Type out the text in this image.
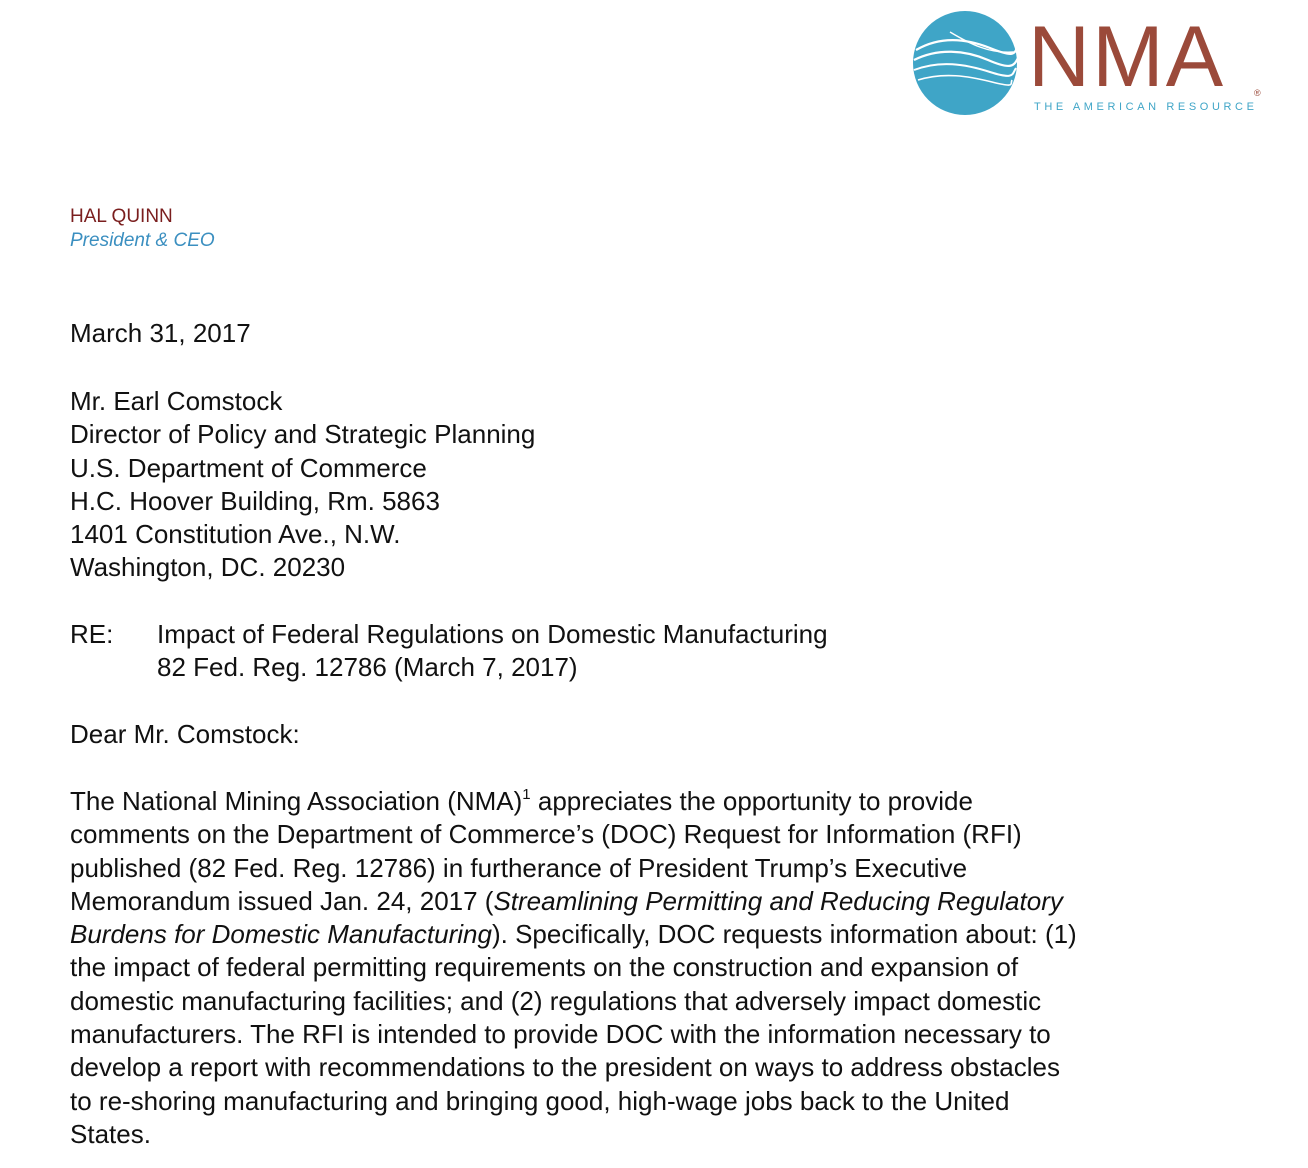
NMA	®
THE AMERICAN RESOURCE
HAL QUINN
President & CEO
March 31, 2017
Mr. Earl Comstock
Director of Policy and Strategic Planning
U.S. Department of Commerce
H.C. Hoover Building, Rm. 5863
1401 Constitution Ave., N.W.
Washington, DC. 20230
RE:	Impact of Federal Regulations on Domestic Manufacturing
82 Fed. Reg. 12786 (March 7, 2017)
Dear Mr. Comstock:
The National Mining Association (NMA)$^1$ appreciates the opportunity to provide
comments on the Department of Commerce’s (DOC) Request for Information (RFI)
published (82 Fed. Reg. 12786) in furtherance of President Trump’s Executive
Memorandum issued Jan. 24, 2017 (Streamlining Permitting and Reducing Regulatory
Burdens for Domestic Manufacturing). Specifically, DOC requests information about: (1)
the impact of federal permitting requirements on the construction and expansion of
domestic manufacturing facilities; and (2) regulations that adversely impact domestic
manufacturers. The RFI is intended to provide DOC with the information necessary to
develop a report with recommendations to the president on ways to address obstacles
to re-shoring manufacturing and bringing good, high-wage jobs back to the United
States.
